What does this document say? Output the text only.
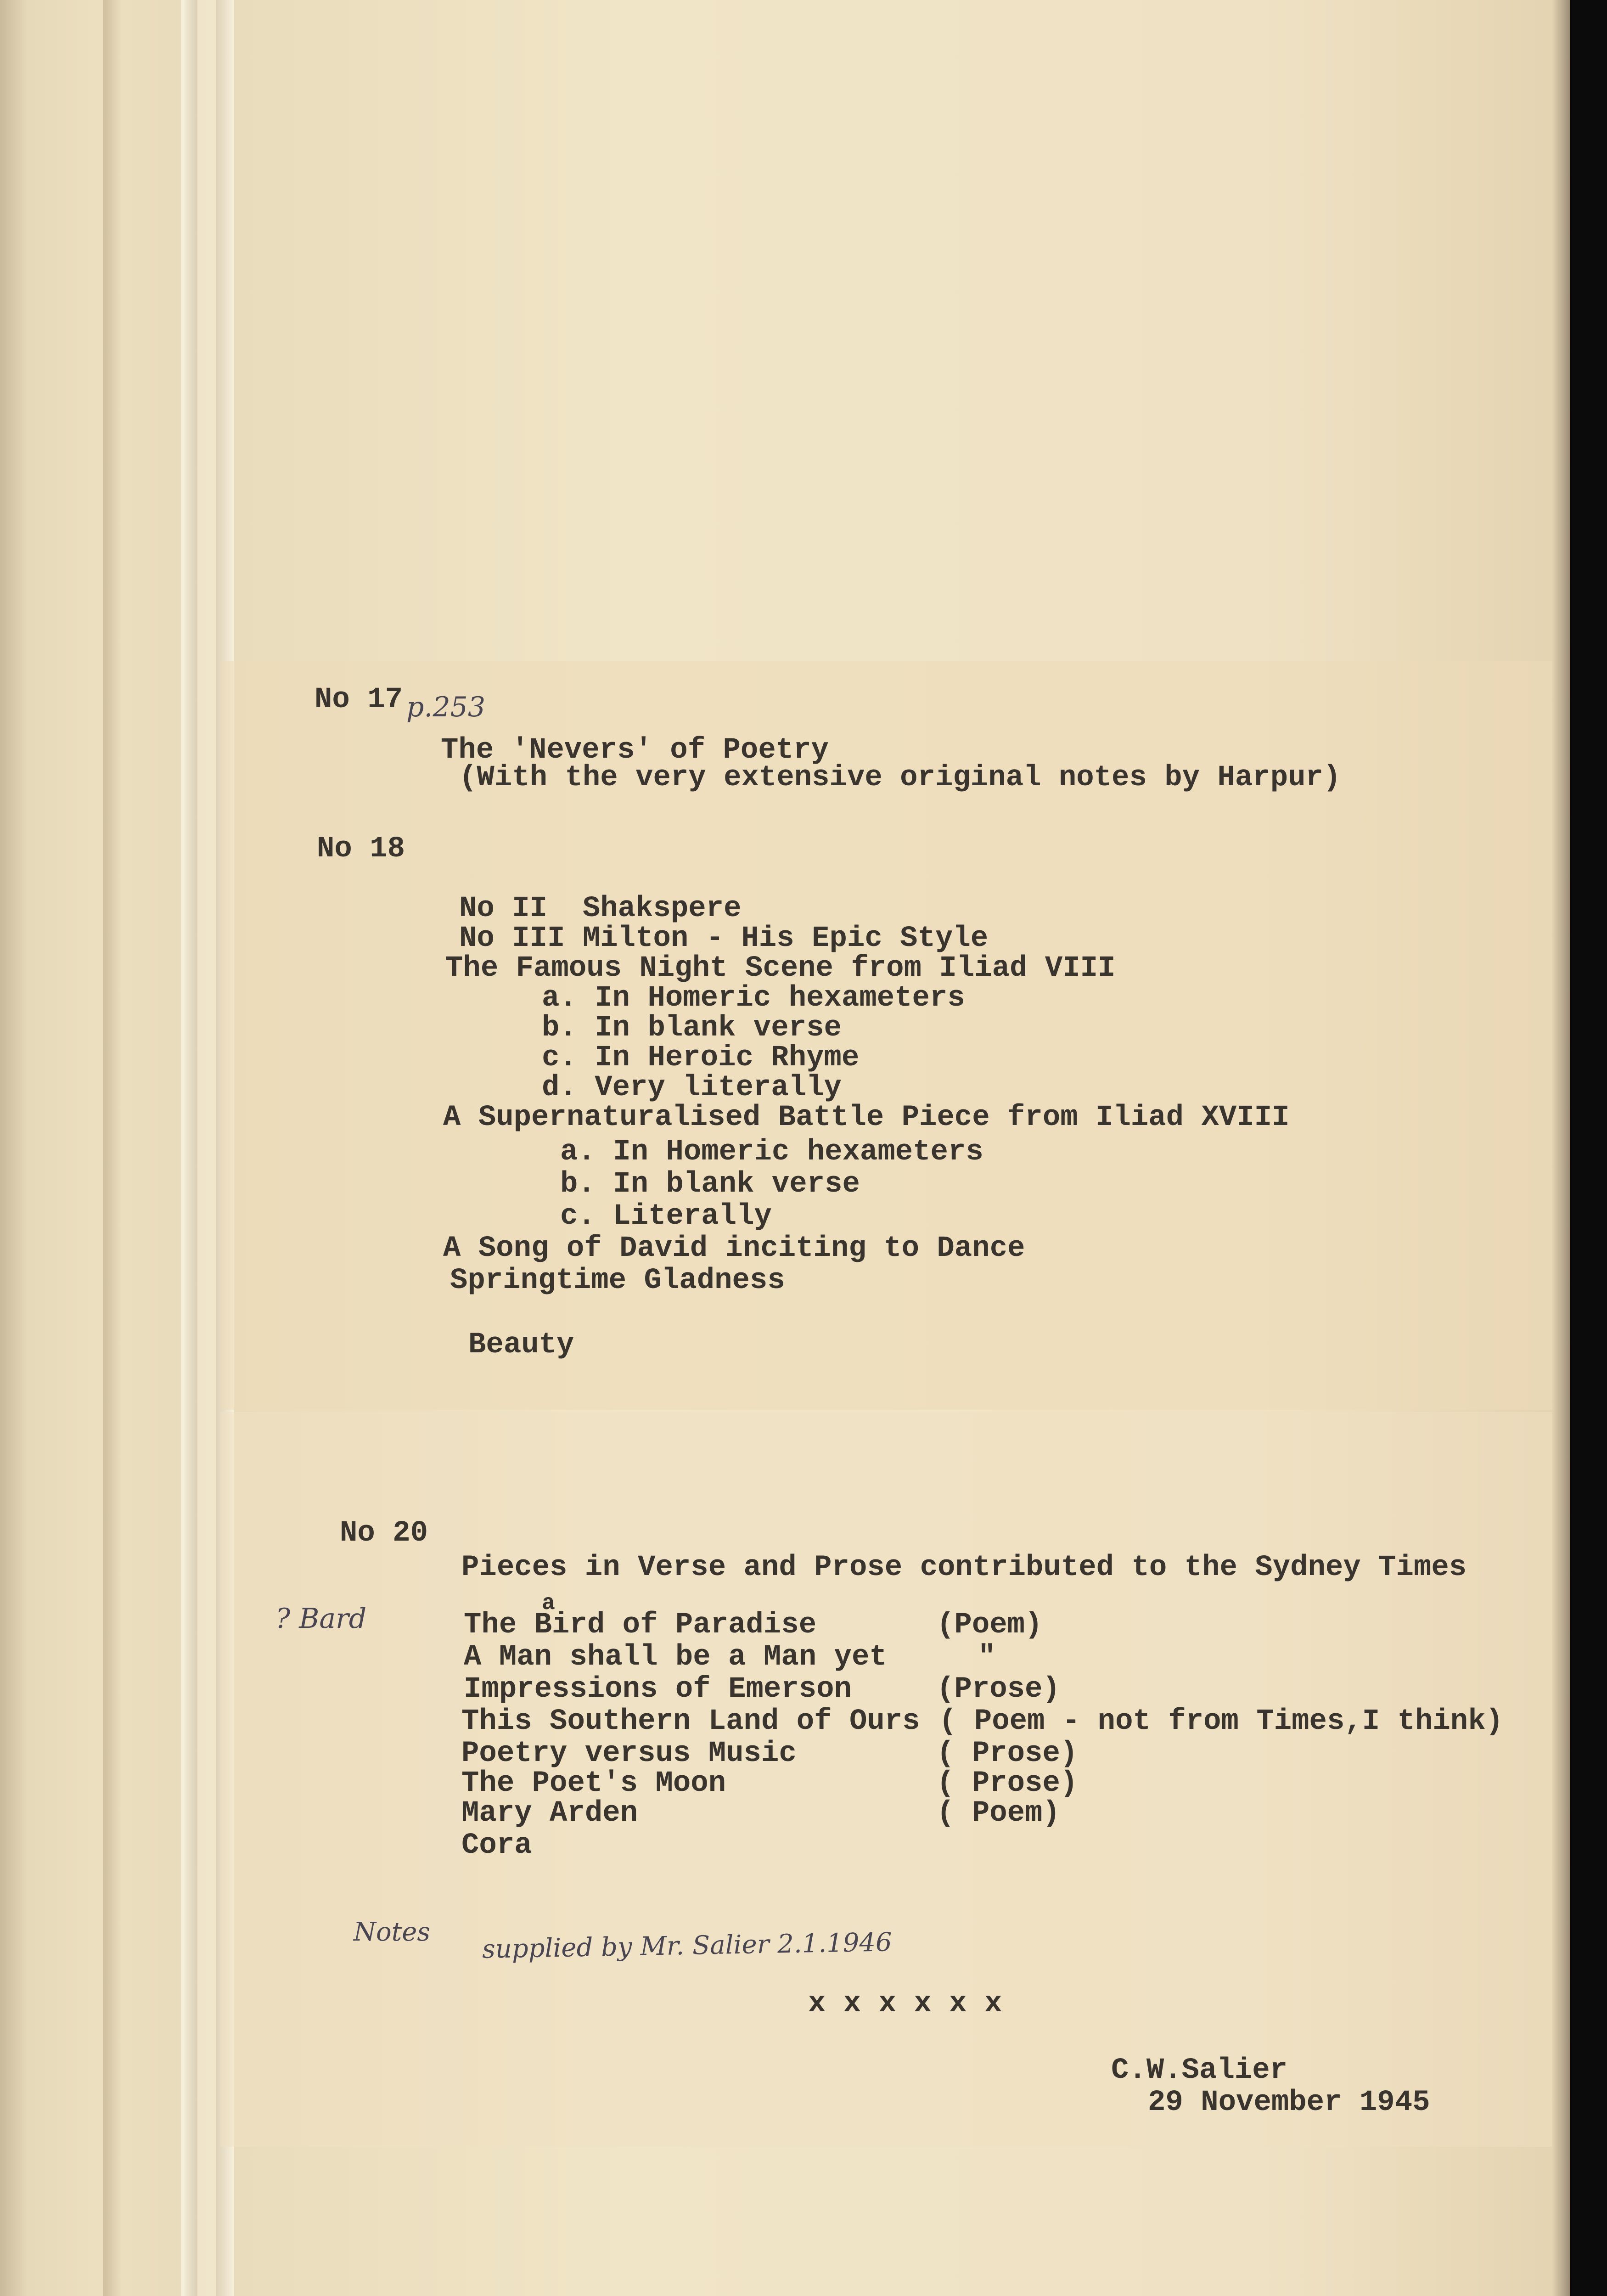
No 17 p.253
The 'Nevers' of Poetry
(With the very extensive original notes by Harpur)
No 18
No II  Shakspere
No III Milton - His Epic Style
The Famous Night Scene from Iliad VIII
a. In Homeric hexameters
b. In blank verse
c. In Heroic Rhyme
d. Very literally
A Supernaturalised Battle Piece from Iliad XVIII
a. In Homeric hexameters
b. In blank verse
c. Literally
A Song of David inciting to Dance
Springtime Gladness
Beauty
No 20
Pieces in Verse and Prose contributed to the Sydney Times
? Bard	a
The Bird of Paradise	(Poem)
A Man shall be a Man yet	"
Impressions of Emerson	(Prose)
This Southern Land of Ours ( Poem - not from Times,I think)
Poetry versus Music	( Prose)
The Poet's Moon	( Prose)
Mary Arden	( Poem)
Cora
Notes supplied by Mr. Salier 2.1.1946
x x x x x x
C.W.Salier
29 November 1945
